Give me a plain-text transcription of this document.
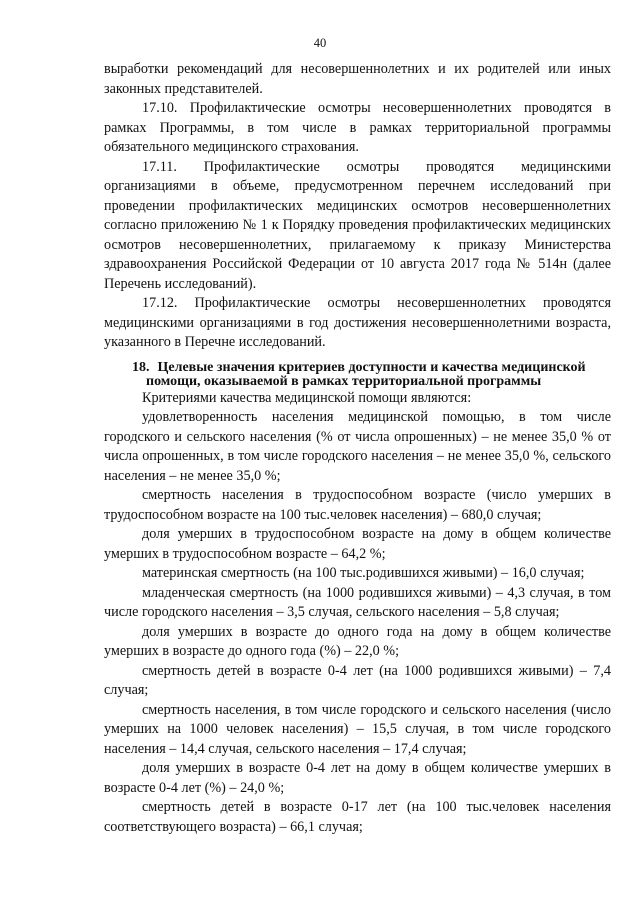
40

выработки рекомендаций для несовершеннолетних и их родителей или иных законных представителей.

17.10. Профилактические осмотры несовершеннолетних проводятся в рамках Программы, в том числе в рамках территориальной программы обязательного медицинского страхования.

17.11. Профилактические осмотры проводятся медицинскими организациями в объеме, предусмотренном перечнем исследований при проведении профилактических медицинских осмотров несовершеннолетних согласно приложению № 1 к Порядку проведения профилактических медицинских осмотров несовершеннолетних, прилагаемому к приказу Министерства здравоохранения Российской Федерации от 10 августа 2017 года № 514н (далее Перечень исследований).

17.12. Профилактические осмотры несовершеннолетних проводятся медицинскими организациями в год достижения несовершеннолетними возраста, указанного в Перечне исследований.

18. Целевые значения критериев доступности и качества медицинской помощи, оказываемой в рамках территориальной программы

Критериями качества медицинской помощи являются:

удовлетворенность населения медицинской помощью, в том числе городского и сельского населения (% от числа опрошенных) – не менее 35,0 % от числа опрошенных, в том числе городского населения – не менее 35,0 %, сельского населения – не менее 35,0 %;

смертность населения в трудоспособном возрасте (число умерших в трудоспособном возрасте на 100 тыс.человек населения) – 680,0 случая;

доля умерших в трудоспособном возрасте на дому в общем количестве умерших в трудоспособном возрасте – 64,2 %;

материнская смертность (на 100 тыс.родившихся живыми) – 16,0 случая;

младенческая смертность (на 1000 родившихся живыми) – 4,3 случая, в том числе городского населения – 3,5 случая, сельского населения – 5,8 случая;

доля умерших в возрасте до одного года на дому в общем количестве умерших в возрасте до одного года (%) – 22,0 %;

смертность детей в возрасте 0-4 лет (на 1000 родившихся живыми) – 7,4 случая;

смертность населения, в том числе городского и сельского населения (число умерших на 1000 человек населения) – 15,5 случая, в том числе городского населения – 14,4 случая, сельского населения – 17,4 случая;

доля умерших в возрасте 0-4 лет на дому в общем количестве умерших в возрасте 0-4 лет (%) – 24,0 %;

смертность детей в возрасте 0-17 лет (на 100 тыс.человек населения соответствующего возраста) – 66,1 случая;
